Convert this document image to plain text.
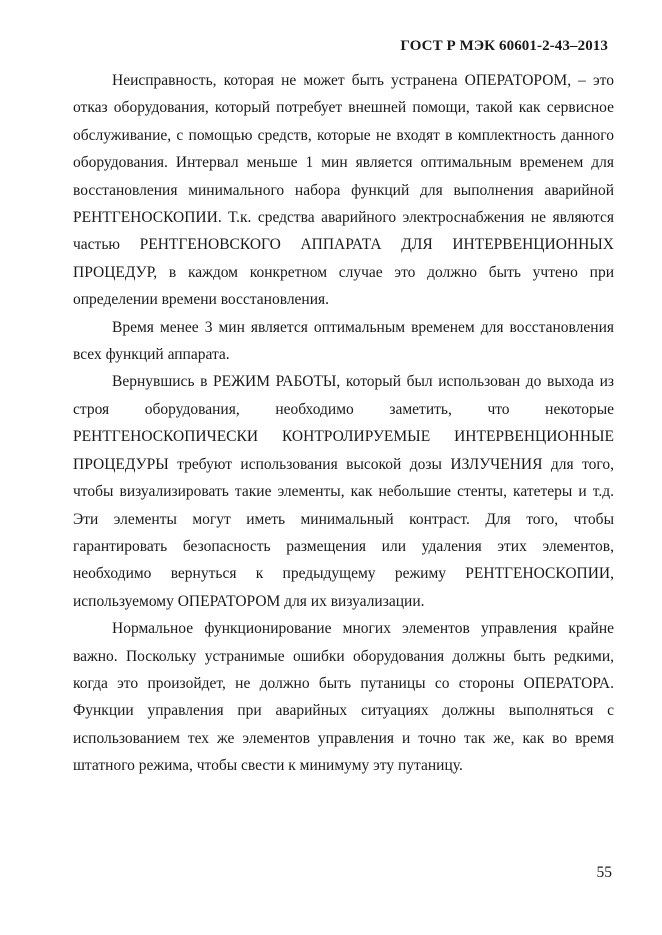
ГОСТ Р МЭК 60601-2-43–2013

Неисправность, которая не может быть устранена ОПЕРАТОРОМ, – это отказ оборудования, который потребует внешней помощи, такой как сервисное обслуживание, с помощью средств, которые не входят в комплектность данного оборудования. Интервал меньше 1 мин является оптимальным временем для восстановления минимального набора функций для выполнения аварийной РЕНТГЕНОСКОПИИ. Т.к. средства аварийного электроснабжения не являются частью РЕНТГЕНОВСКОГО АППАРАТА ДЛЯ ИНТЕРВЕНЦИОННЫХ ПРОЦЕДУР, в каждом конкретном случае это должно быть учтено при определении времени восстановления.

Время менее 3 мин является оптимальным временем для восстановления всех функций аппарата.

Вернувшись в РЕЖИМ РАБОТЫ, который был использован до выхода из строя оборудования, необходимо заметить, что некоторые РЕНТГЕНОСКОПИЧЕСКИ КОНТРОЛИРУЕМЫЕ ИНТЕРВЕНЦИОННЫЕ ПРОЦЕДУРЫ требуют использования высокой дозы ИЗЛУЧЕНИЯ для того, чтобы визуализировать такие элементы, как небольшие стенты, катетеры и т.д. Эти элементы могут иметь минимальный контраст. Для того, чтобы гарантировать безопасность размещения или удаления этих элементов, необходимо вернуться к предыдущему режиму РЕНТГЕНОСКОПИИ, используемому ОПЕРАТОРОМ для их визуализации.

Нормальное функционирование многих элементов управления крайне важно. Поскольку устранимые ошибки оборудования должны быть редкими, когда это произойдет, не должно быть путаницы со стороны ОПЕРАТОРА. Функции управления при аварийных ситуациях должны выполняться с использованием тех же элементов управления и точно так же, как во время штатного режима, чтобы свести к минимуму эту путаницу.

55
